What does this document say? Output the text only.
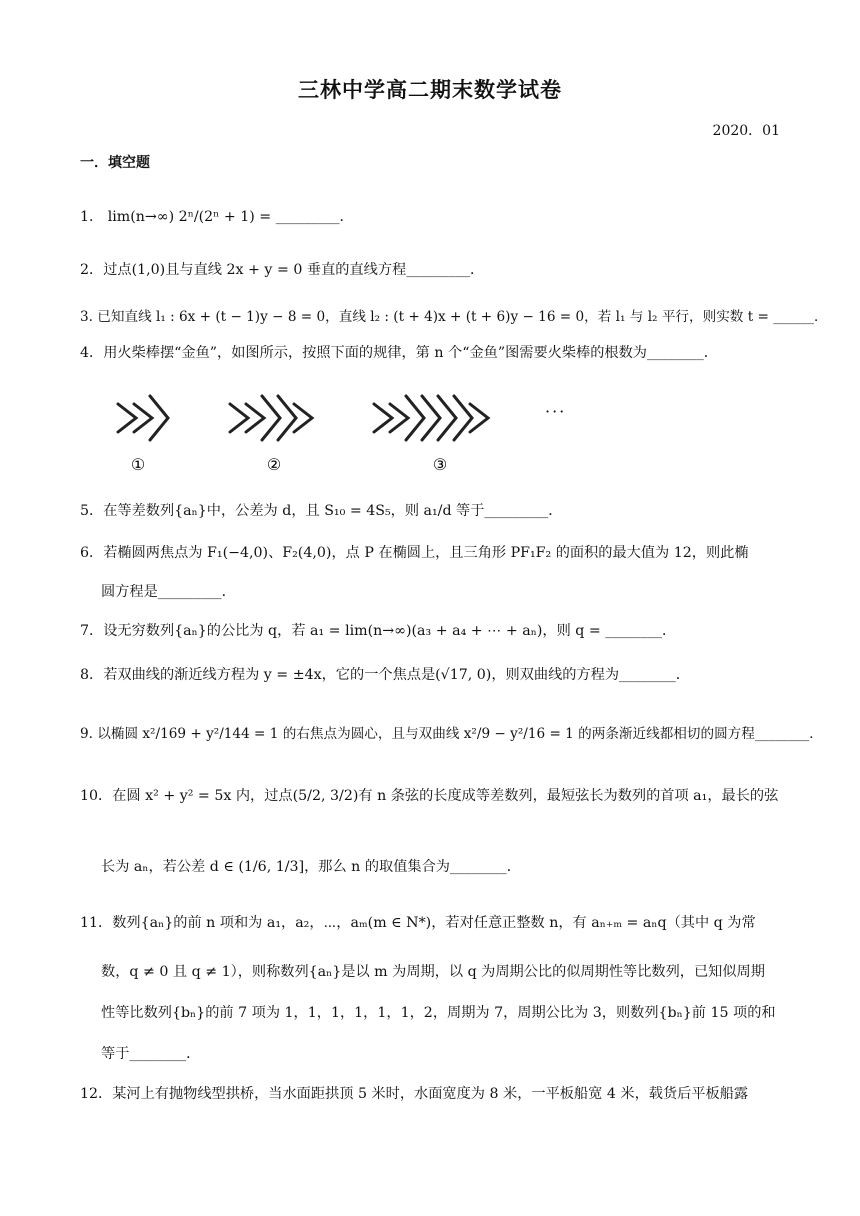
三林中学高二期末数学试卷
2020．01
一．填空题
1． lim(n→∞) 2ⁿ/(2ⁿ + 1) = _________．
2．过点(1,0)且与直线 2x + y = 0 垂直的直线方程_________．
3. 已知直线 l₁ : 6x + (t − 1)y − 8 = 0，直线 l₂ : (t + 4)x + (t + 6)y − 16 = 0，若 l₁ 与 l₂ 平行，则实数 t = ______．
4．用火柴棒摆“金鱼”，如图所示，按照下面的规律，第 n 个“金鱼”图需要火柴棒的根数为________．
①	②	③
···
5．在等差数列{aₙ}中，公差为 d，且 S₁₀ = 4S₅，则 a₁/d 等于_________．
6．若椭圆两焦点为 F₁(−4,0)、F₂(4,0)，点 P 在椭圆上，且三角形 PF₁F₂ 的面积的最大值为 12，则此椭
圆方程是_________．
7．设无穷数列{aₙ}的公比为 q，若 a₁ = lim(n→∞)(a₃ + a₄ + ⋯ + aₙ)，则 q = ________．
8．若双曲线的渐近线方程为 y = ±4x，它的一个焦点是(√17, 0)，则双曲线的方程为________．
9. 以椭圆 x²/169 + y²/144 = 1 的右焦点为圆心，且与双曲线 x²/9 − y²/16 = 1 的两条渐近线都相切的圆方程________．
10．在圆 x² + y² = 5x 内，过点(5/2, 3/2)有 n 条弦的长度成等差数列，最短弦长为数列的首项 a₁，最长的弦
长为 aₙ，若公差 d ∈ (1/6, 1/3]，那么 n 的取值集合为________．
11．数列{aₙ}的前 n 项和为 a₁，a₂，⋯，aₘ(m ∈ N*)，若对任意正整数 n，有 aₙ₊ₘ = aₙq（其中 q 为常
数，q ≠ 0 且 q ≠ 1），则称数列{aₙ}是以 m 为周期，以 q 为周期公比的似周期性等比数列，已知似周期
性等比数列{bₙ}的前 7 项为 1，1，1，1，1，1，2，周期为 7，周期公比为 3，则数列{bₙ}前 15 项的和
等于________．
12．某河上有抛物线型拱桥，当水面距拱顶 5 米时，水面宽度为 8 米，一平板船宽 4 米，载货后平板船露
